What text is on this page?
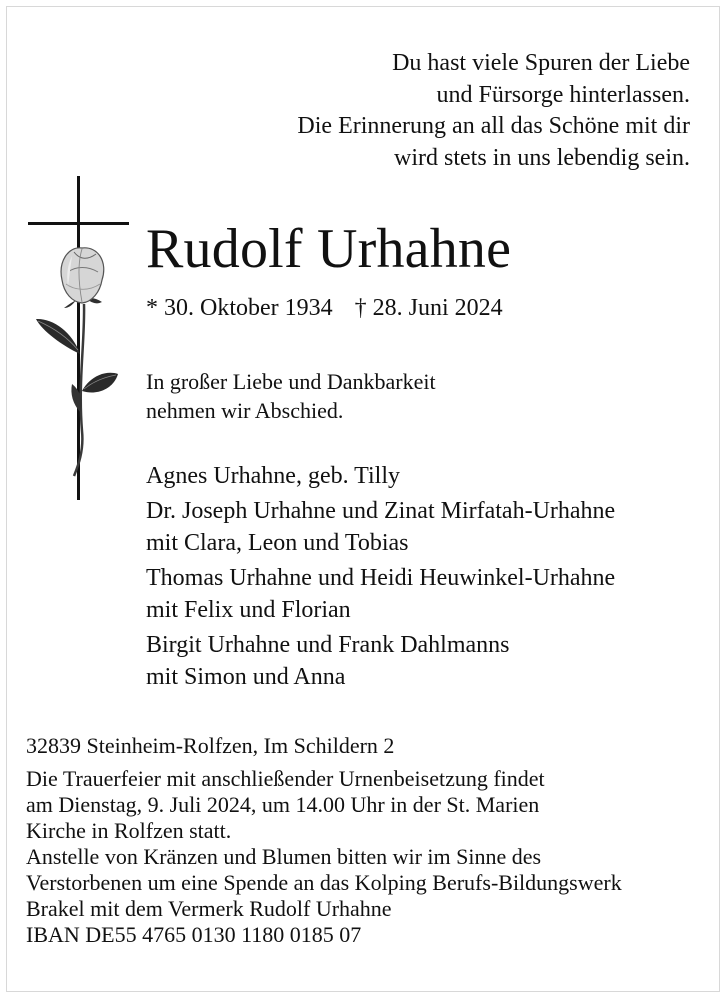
Du hast viele Spuren der Liebe
und Fürsorge hinterlassen.
Die Erinnerung an all das Schöne mit dir
wird stets in uns lebendig sein.
Rudolf Urhahne
* 30. Oktober 1934 † 28. Juni 2024
In großer Liebe und Dankbarkeit
nehmen wir Abschied.
Agnes Urhahne, geb. Tilly
Dr. Joseph Urhahne und Zinat Mirfatah-Urhahne
mit Clara, Leon und Tobias
Thomas Urhahne und Heidi Heuwinkel-Urhahne
mit Felix und Florian
Birgit Urhahne und Frank Dahlmanns
mit Simon und Anna
32839 Steinheim-Rolfzen, Im Schildern 2
Die Trauerfeier mit anschließender Urnenbeisetzung findet
am Dienstag, 9. Juli 2024, um 14.00 Uhr in der St. Marien
Kirche in Rolfzen statt.
Anstelle von Kränzen und Blumen bitten wir im Sinne des
Verstorbenen um eine Spende an das Kolping Berufs-Bildungswerk
Brakel mit dem Vermerk Rudolf Urhahne
IBAN DE55 4765 0130 1180 0185 07
